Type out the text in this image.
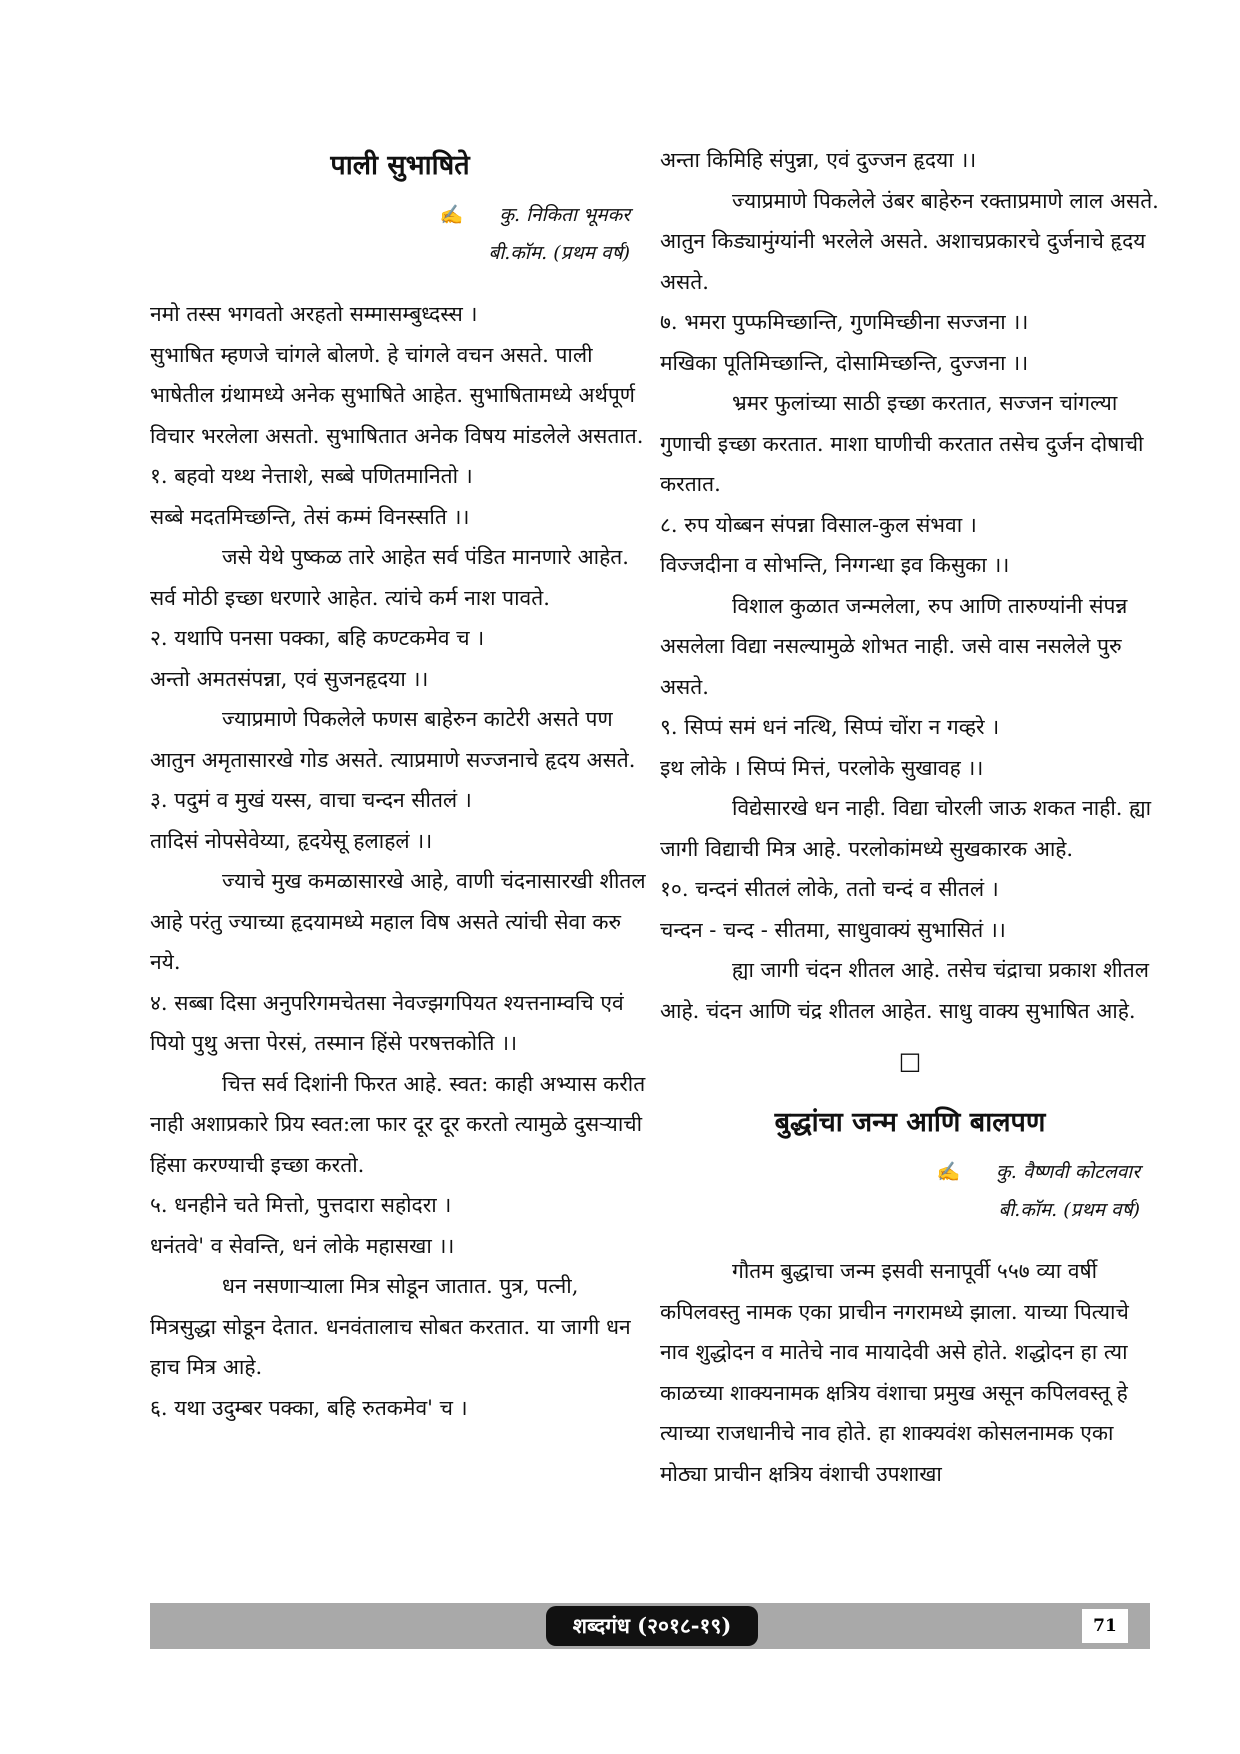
पाली सुभाषिते
✍ कु. निकिता भूमकर
बी.कॉम. (प्रथम वर्ष)

नमो तस्स भगवतो अरहतो सम्मासम्बुध्दस्स ।

सुभाषित म्हणजे चांगले बोलणे. हे चांगले वचन असते. पाली भाषेतील ग्रंथामध्ये अनेक सुभाषिते आहेत. सुभाषितामध्ये अर्थपूर्ण विचार भरलेला असतो. सुभाषितात अनेक विषय मांडलेले असतात.

१. बहवो यथ्थ नेत्ताशे, सब्बे पणितमानितो ।

सब्बे मदतमिच्छन्ति, तेसं कम्मं विनस्सति ।।

जसे येथे पुष्कळ तारे आहेत सर्व पंडित मानणारे आहेत. सर्व मोठी इच्छा धरणारे आहेत. त्यांचे कर्म नाश पावते.

२. यथापि पनसा पक्का, बहि कण्टकमेव च ।

अन्तो अमतसंपन्ना, एवं सुजनहृदया ।।

ज्याप्रमाणे पिकलेले फणस बाहेरुन काटेरी असते पण आतुन अमृतासारखे गोड असते. त्याप्रमाणे सज्जनाचे हृदय असते.

३. पदुमं व मुखं यस्स, वाचा चन्दन सीतलं ।

तादिसं नोपसेवेय्या, हृदयेसू हलाहलं ।।

ज्याचे मुख कमळासारखे आहे, वाणी चंदनासारखी शीतल आहे परंतु ज्याच्या हृदयामध्ये महाल विष असते त्यांची सेवा करु नये.

४. सब्बा दिसा अनुपरिगमचेतसा नेवज्झगपियत श्यत्तनाम्वचि एवं पियो पुथु अत्ता पेरसं, तस्मान हिंसे परषत्तकोति ।।

चित्त सर्व दिशांनी फिरत आहे. स्वत: काही अभ्यास करीत नाही अशाप्रकारे प्रिय स्वत:ला फार दूर दूर करतो त्यामुळे दुसऱ्याची हिंसा करण्याची इच्छा करतो.

५. धनहीने चते मित्तो, पुत्तदारा सहोदरा ।

धनंतवे' व सेवन्ति, धनं लोके महासखा ।।

धन नसणाऱ्याला मित्र सोडून जातात. पुत्र, पत्नी, मित्रसुद्धा सोडून देतात. धनवंतालाच सोबत करतात. या जागी धन हाच मित्र आहे.

६. यथा उदुम्बर पक्का, बहि रुतकमेव' च ।

अन्ता किमिहि संपुन्ना, एवं दुज्जन हृदया ।।

ज्याप्रमाणे पिकलेले उंबर बाहेरुन रक्ताप्रमाणे लाल असते. आतुन किड्यामुंग्यांनी भरलेले असते. अशाचप्रकारचे दुर्जनाचे हृदय असते.

७. भमरा पुप्फमिच्छान्ति, गुणमिच्छीना सज्जना ।।

मखिका पूतिमिच्छान्ति, दोसामिच्छन्ति, दुज्जना ।।

भ्रमर फुलांच्या साठी इच्छा करतात, सज्जन चांगल्या गुणाची इच्छा करतात. माशा घाणीची करतात तसेच दुर्जन दोषाची करतात.

८. रुप योब्बन संपन्ना विसाल-कुल संभवा ।

विज्जदीना व सोभन्ति, निग्गन्धा इव किसुका ।।

विशाल कुळात जन्मलेला, रुप आणि तारुण्यांनी संपन्न असलेला विद्या नसल्यामुळे शोभत नाही. जसे वास नसलेले पुरु असते.

९. सिप्पं समं धनं नत्थि, सिप्पं चोंरा न गव्हरे ।

इथ लोके । सिप्पं मित्तं, परलोके सुखावह ।।

विद्येसारखे धन नाही. विद्या चोरली जाऊ शकत नाही. ह्या जागी विद्याची मित्र आहे. परलोकांमध्ये सुखकारक आहे.

१०. चन्दनं सीतलं लोके, ततो चन्दं व सीतलं ।

चन्दन - चन्द - सीतमा, साधुवाक्यं सुभासितं ।।

ह्या जागी चंदन शीतल आहे. तसेच चंद्राचा प्रकाश शीतल आहे. चंदन आणि चंद्र शीतल आहेत. साधु वाक्य सुभाषित आहे.

□
बुद्धांचा जन्म आणि बालपण
✍ कु. वैष्णवी कोटलवार
बी.कॉम. (प्रथम वर्ष)

गौतम बुद्धाचा जन्म इसवी सनापूर्वी ५५७ व्या वर्षी कपिलवस्तु नामक एका प्राचीन नगरामध्ये झाला. याच्या पित्याचे नाव शुद्धोदन व मातेचे नाव मायादेवी असे होते. शद्धोदन हा त्या काळच्या शाक्यनामक क्षत्रिय वंशाचा प्रमुख असून कपिलवस्तू हे त्याच्या राजधानीचे नाव होते. हा शाक्यवंश कोसलनामक एका मोठ्या प्राचीन क्षत्रिय वंशाची उपशाखा

शब्दगंध (२०१८-१९)	71
